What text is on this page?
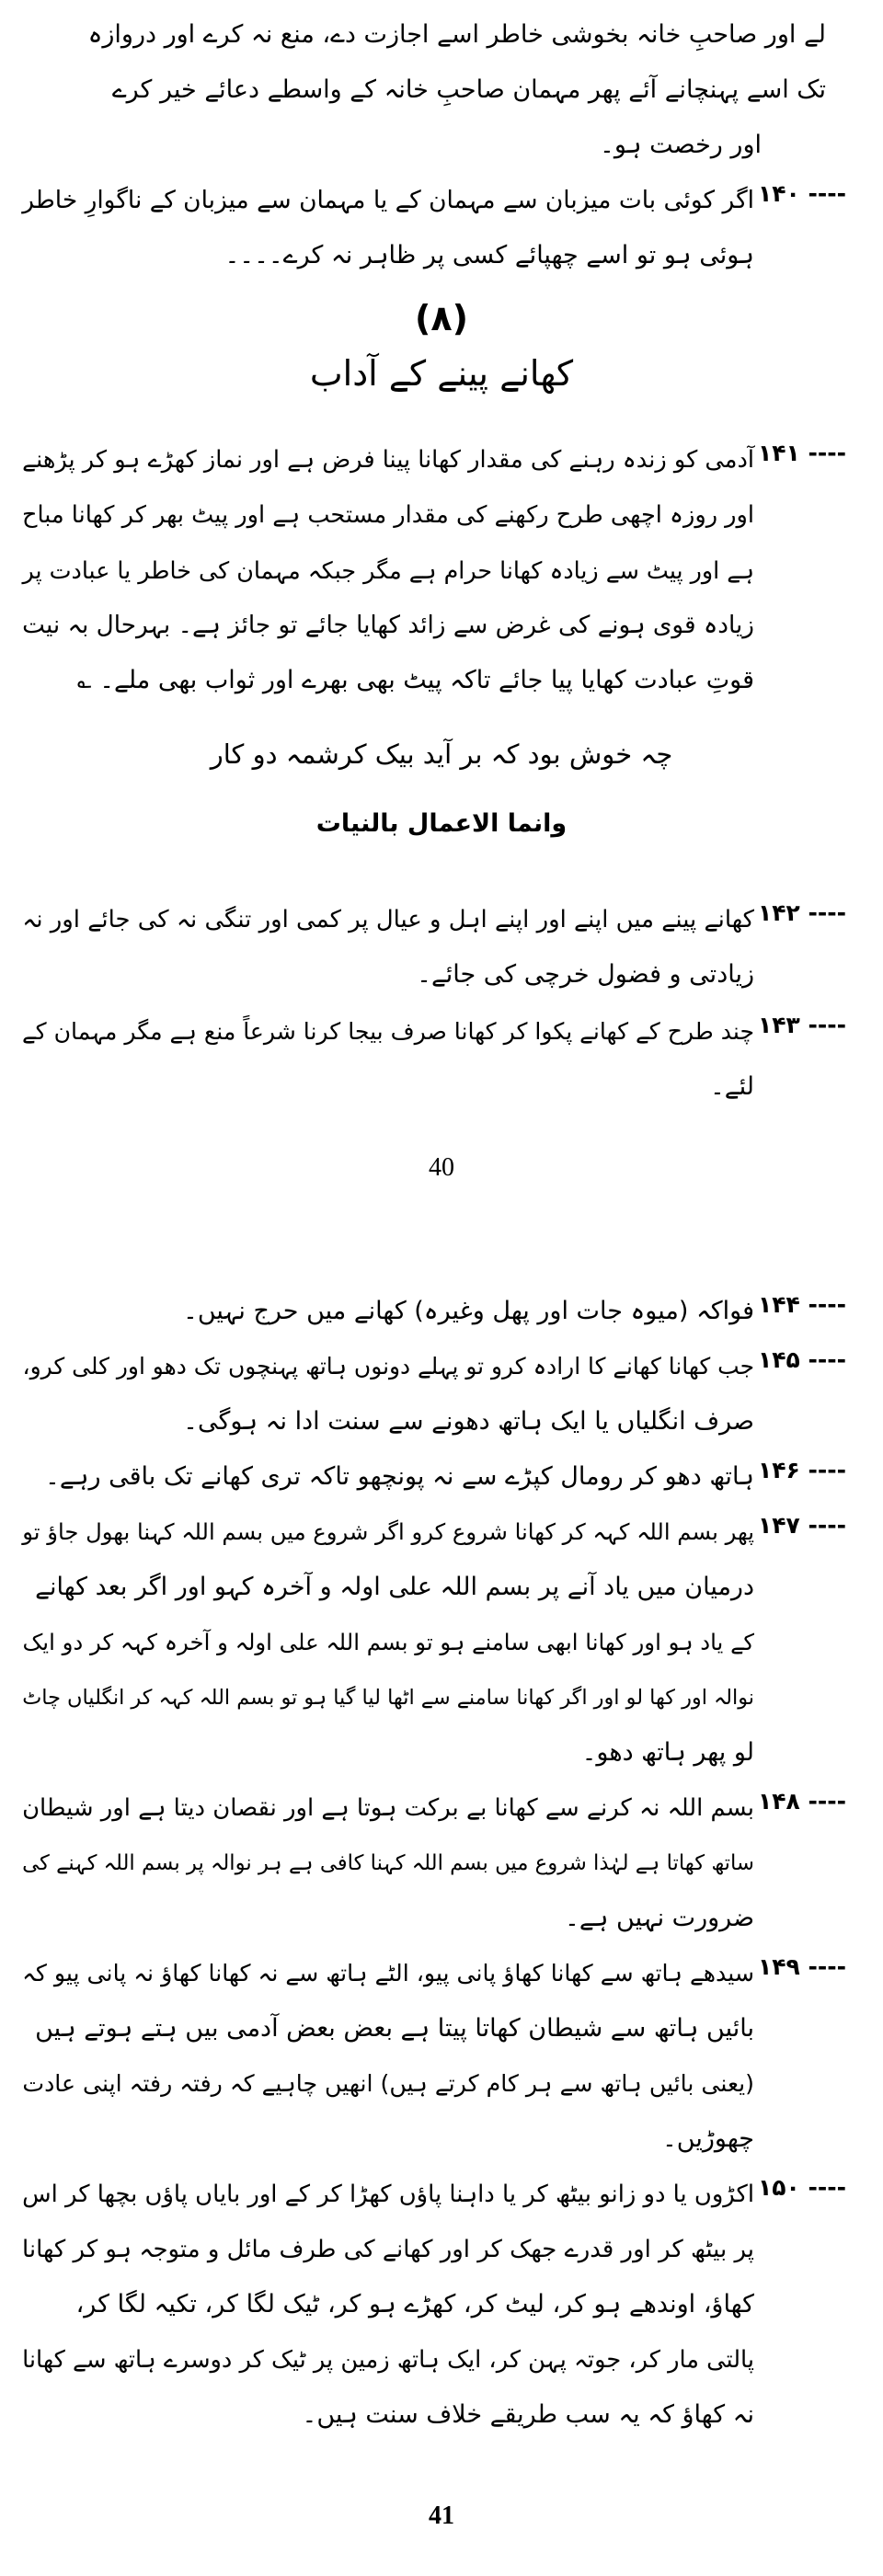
لے اور صاحبِ خانہ بخوشی خاطر اسے اجازت دے، منع نہ کرے اور دروازہ
تک اسے پہنچانے آئے پھر مہمان صاحبِ خانہ کے واسطے دعائے خیر کرے
اور رخصت ہو۔
۱۴۰ ----
اگر کوئی بات میزبان سے مہمان کے یا مہمان سے میزبان کے ناگوارِ خاطر
ہوئی ہو تو اسے چھپائے کسی پر ظاہر نہ کرے۔۔۔۔
(۸)
کھانے پینے کے آداب
۱۴۱ ----
آدمی کو زندہ رہنے کی مقدار کھانا پینا فرض ہے اور نماز کھڑے ہو کر پڑھنے
اور روزہ اچھی طرح رکھنے کی مقدار مستحب ہے اور پیٹ بھر کر کھانا مباح
ہے اور پیٹ سے زیادہ کھانا حرام ہے مگر جبکہ مہمان کی خاطر یا عبادت پر
زیادہ قوی ہونے کی غرض سے زائد کھایا جائے تو جائز ہے۔ بہرحال بہ نیت
قوتِ عبادت کھایا پیا جائے تاکہ پیٹ بھی بھرے اور ثواب بھی ملے۔ ؎
چہ خوش بود کہ بر آید بیک کرشمہ دو کار
وانما الاعمال بالنیات
۱۴۲ ----
کھانے پینے میں اپنے اور اپنے اہل و عیال پر کمی اور تنگی نہ کی جائے اور نہ
زیادتی و فضول خرچی کی جائے۔
۱۴۳ ----
چند طرح کے کھانے پکوا کر کھانا صرف بیجا کرنا شرعاً منع ہے مگر مہمان کے
لئے۔
40
۱۴۴ ----
فواکہ (میوہ جات اور پھل وغیرہ) کھانے میں حرج نہیں۔
۱۴۵ ----
جب کھانا کھانے کا ارادہ کرو تو پہلے دونوں ہاتھ پہنچوں تک دھو اور کلی کرو،
صرف انگلیاں یا ایک ہاتھ دھونے سے سنت ادا نہ ہوگی۔
۱۴۶ ----
ہاتھ دھو کر رومال کپڑے سے نہ پونچھو تاکہ تری کھانے تک باقی رہے۔
۱۴۷ ----
پھر بسم اللہ کہہ کر کھانا شروع کرو اگر شروع میں بسم اللہ کہنا بھول جاؤ تو
درمیان میں یاد آنے پر بسم اللہ علی اولہ و آخرہ کہو اور اگر بعد کھانے
کے یاد ہو اور کھانا ابھی سامنے ہو تو بسم اللہ علی اولہ و آخرہ کہہ کر دو ایک
نوالہ اور کھا لو اور اگر کھانا سامنے سے اٹھا لیا گیا ہو تو بسم اللہ کہہ کر انگلیاں چاٹ
لو پھر ہاتھ دھو۔
۱۴۸ ----
بسم اللہ نہ کرنے سے کھانا بے برکت ہوتا ہے اور نقصان دیتا ہے اور شیطان
ساتھ کھاتا ہے لہٰذا شروع میں بسم اللہ کہنا کافی ہے ہر نوالہ پر بسم اللہ کہنے کی
ضرورت نہیں ہے۔
۱۴۹ ----
سیدھے ہاتھ سے کھانا کھاؤ پانی پیو، الٹے ہاتھ سے نہ کھانا کھاؤ نہ پانی پیو کہ
بائیں ہاتھ سے شیطان کھاتا پیتا ہے بعض بعض آدمی بیں ہتے ہوتے ہیں
(یعنی بائیں ہاتھ سے ہر کام کرتے ہیں) انھیں چاہیے کہ رفتہ رفتہ اپنی عادت
چھوڑیں۔
۱۵۰ ----
اکڑوں یا دو زانو بیٹھ کر یا داہنا پاؤں کھڑا کر کے اور بایاں پاؤں بچھا کر اس
پر بیٹھ کر اور قدرے جھک کر اور کھانے کی طرف مائل و متوجہ ہو کر کھانا
کھاؤ، اوندھے ہو کر، لیٹ کر، کھڑے ہو کر، ٹیک لگا کر، تکیہ لگا کر،
پالتی مار کر، جوتہ پہن کر، ایک ہاتھ زمین پر ٹیک کر دوسرے ہاتھ سے کھانا
نہ کھاؤ کہ یہ سب طریقے خلاف سنت ہیں۔
41
